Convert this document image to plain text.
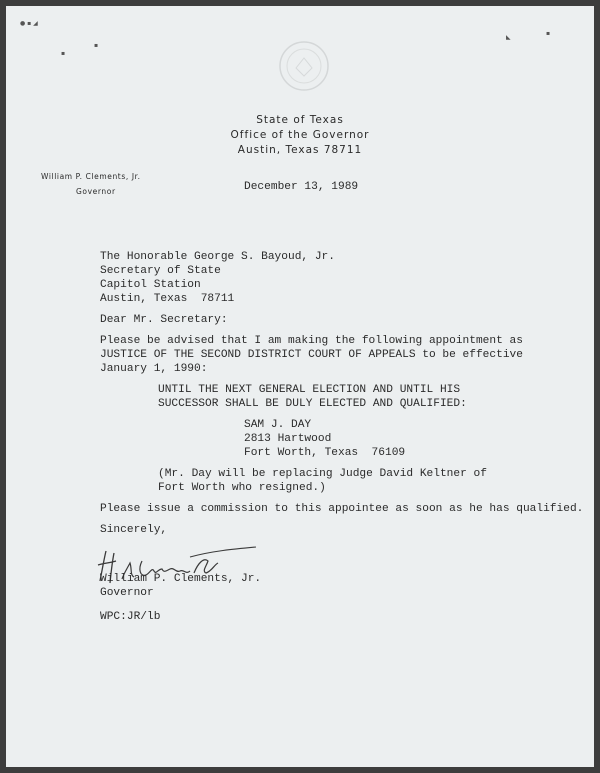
● ▪ ◢
▪
▪
◣
▪
State of Texas
Office of the Governor
Austin, Texas 78711
William P. Clements, Jr.
Governor	December 13, 1989
The Honorable George S. Bayoud, Jr.
Secretary of State
Capitol Station
Austin, Texas  78711
Dear Mr. Secretary:
Please be advised that I am making the following appointment as
JUSTICE OF THE SECOND DISTRICT COURT OF APPEALS to be effective
January 1, 1990:
UNTIL THE NEXT GENERAL ELECTION AND UNTIL HIS
SUCCESSOR SHALL BE DULY ELECTED AND QUALIFIED:
SAM J. DAY
2813 Hartwood
Fort Worth, Texas  76109
(Mr. Day will be replacing Judge David Keltner of
Fort Worth who resigned.)
Please issue a commission to this appointee as soon as he has qualified.
Sincerely,
William P. Clements, Jr.
Governor
WPC:JR/lb
